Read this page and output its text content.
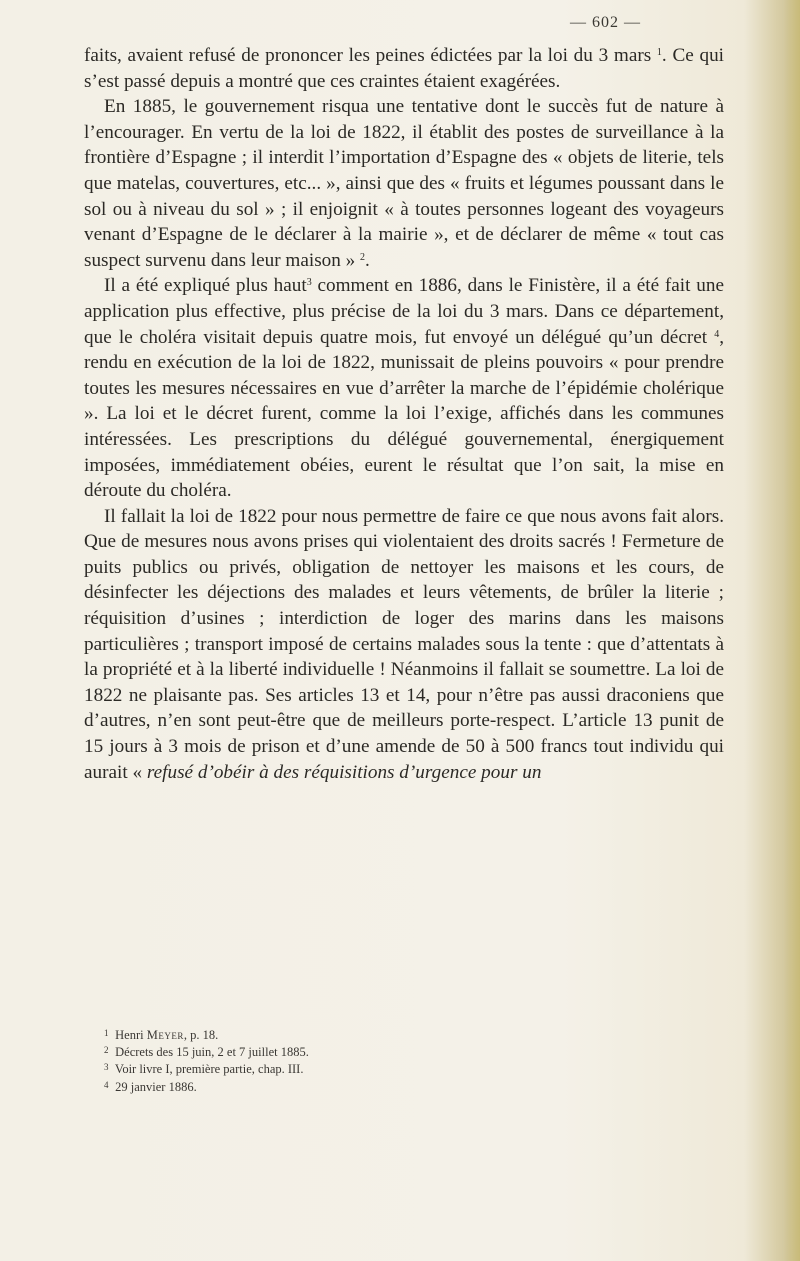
— 602 —

faits, avaient refusé de prononcer les peines édictées par la loi du 3 mars $^1$. Ce qui s’est passé depuis a montré que ces craintes étaient exagérées.

En 1885, le gouvernement risqua une tentative dont le succès fut de nature à l’encourager. En vertu de la loi de 1822, il établit des postes de surveillance à la frontière d’Espagne ; il interdit l’importation d’Espagne des « objets de literie, tels que matelas, couvertures, etc... », ainsi que des « fruits et légumes poussant dans le sol ou à niveau du sol » ; il enjoignit « à toutes personnes logeant des voyageurs venant d’Espagne de le déclarer à la mairie », et de déclarer de même « tout cas suspect survenu dans leur maison » $^2$.

Il a été expliqué plus haut$^3$ comment en 1886, dans le Finistère, il a été fait une application plus effective, plus précise de la loi du 3 mars. Dans ce département, que le choléra visitait depuis quatre mois, fut envoyé un délégué qu’un décret $^4$, rendu en exécution de la loi de 1822, munissait de pleins pouvoirs « pour prendre toutes les mesures nécessaires en vue d’arrêter la marche de l’épidémie cholérique ». La loi et le décret furent, comme la loi l’exige, affichés dans les communes intéressées. Les prescriptions du délégué gouvernemental, énergiquement imposées, immédiatement obéies, eurent le résultat que l’on sait, la mise en déroute du choléra.

Il fallait la loi de 1822 pour nous permettre de faire ce que nous avons fait alors. Que de mesures nous avons prises qui violentaient des droits sacrés ! Fermeture de puits publics ou privés, obligation de nettoyer les maisons et les cours, de désinfecter les déjections des malades et leurs vêtements, de brûler la literie ; réquisition d’usines ; interdiction de loger des marins dans les maisons particulières ; transport imposé de certains malades sous la tente : que d’attentats à la propriété et à la liberté individuelle ! Néanmoins il fallait se soumettre. La loi de 1822 ne plaisante pas. Ses articles 13 et 14, pour n’être pas aussi draconiens que d’autres, n’en sont peut-être que de meilleurs porte-respect. L’article 13 punit de 15 jours à 3 mois de prison et d’une amende de 50 à 500 francs tout individu qui aurait « refusé d’obéir à des réquisitions d’urgence pour un

1 Henri Meyer, p. 18.
2 Décrets des 15 juin, 2 et 7 juillet 1885.
3 Voir livre I, première partie, chap. III.
4 29 janvier 1886.
